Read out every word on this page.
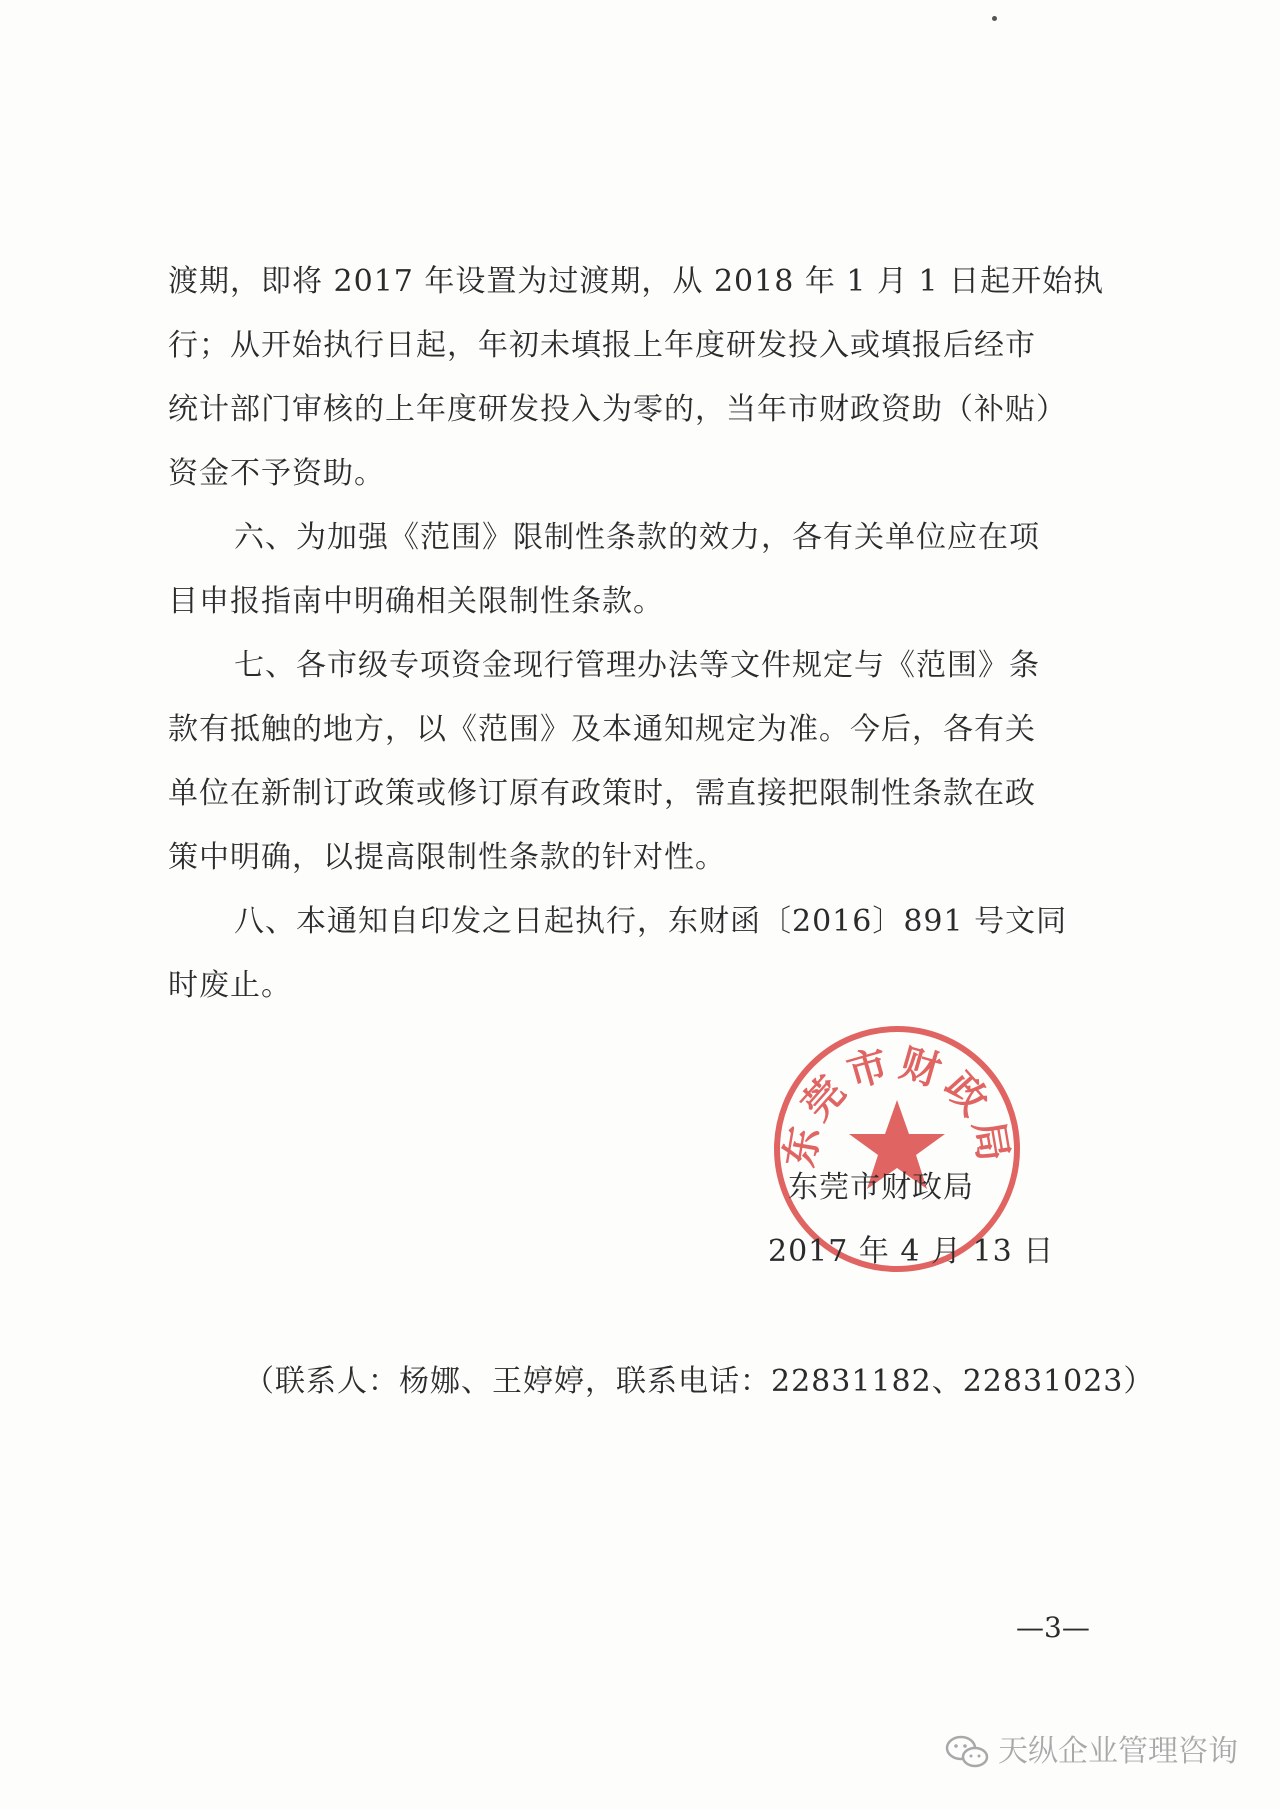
渡期，即将 2017 年设置为过渡期，从 2018 年 1 月 1 日起开始执
行；从开始执行日起，年初未填报上年度研发投入或填报后经市
统计部门审核的上年度研发投入为零的，当年市财政资助（补贴）
资金不予资助。
六、为加强《范围》限制性条款的效力，各有关单位应在项
目申报指南中明确相关限制性条款。
七、各市级专项资金现行管理办法等文件规定与《范围》条
款有抵触的地方，以《范围》及本通知规定为准。今后，各有关
单位在新制订政策或修订原有政策时，需直接把限制性条款在政
策中明确，以提高限制性条款的针对性。
八、本通知自印发之日起执行，东财函〔2016〕891 号文同
时废止。
东莞市财政局
东莞市财政局
2017 年 4 月 13 日
（联系人：杨娜、王婷婷，联系电话：22831182、22831023）
—3—
天纵企业管理咨询
